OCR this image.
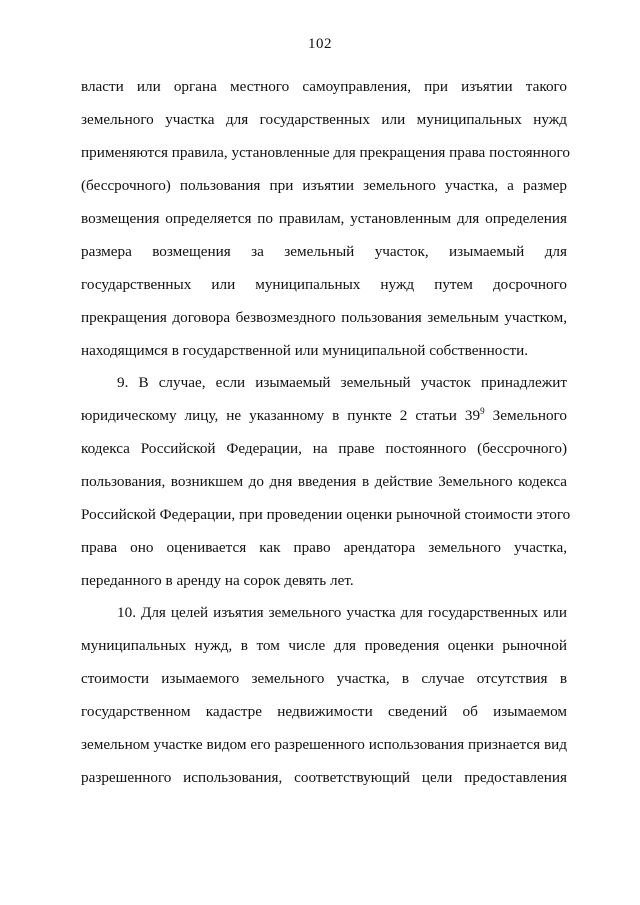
102
власти или органа местного самоуправления, при изъятии такого
земельного участка для государственных или муниципальных нужд
применяются правила, установленные для прекращения права постоянного
(бессрочного) пользования при изъятии земельного участка, а размер
возмещения определяется по правилам, установленным для определения
размера возмещения за земельный участок, изымаемый для
государственных или муниципальных нужд путем досрочного
прекращения договора безвозмездного пользования земельным участком,
находящимся в государственной или муниципальной собственности.
9. В случае, если изымаемый земельный участок принадлежит
юридическому лицу, не указанному в пункте 2 статьи $39^9$ Земельного
кодекса Российской Федерации, на праве постоянного (бессрочного)
пользования, возникшем до дня введения в действие Земельного кодекса
Российской Федерации, при проведении оценки рыночной стоимости этого
права оно оценивается как право арендатора земельного участка,
переданного в аренду на сорок девять лет.
10. Для целей изъятия земельного участка для государственных или
муниципальных нужд, в том числе для проведения оценки рыночной
стоимости изымаемого земельного участка, в случае отсутствия в
государственном кадастре недвижимости сведений об изымаемом
земельном участке видом его разрешенного использования признается вид
разрешенного использования, соответствующий цели предоставления
